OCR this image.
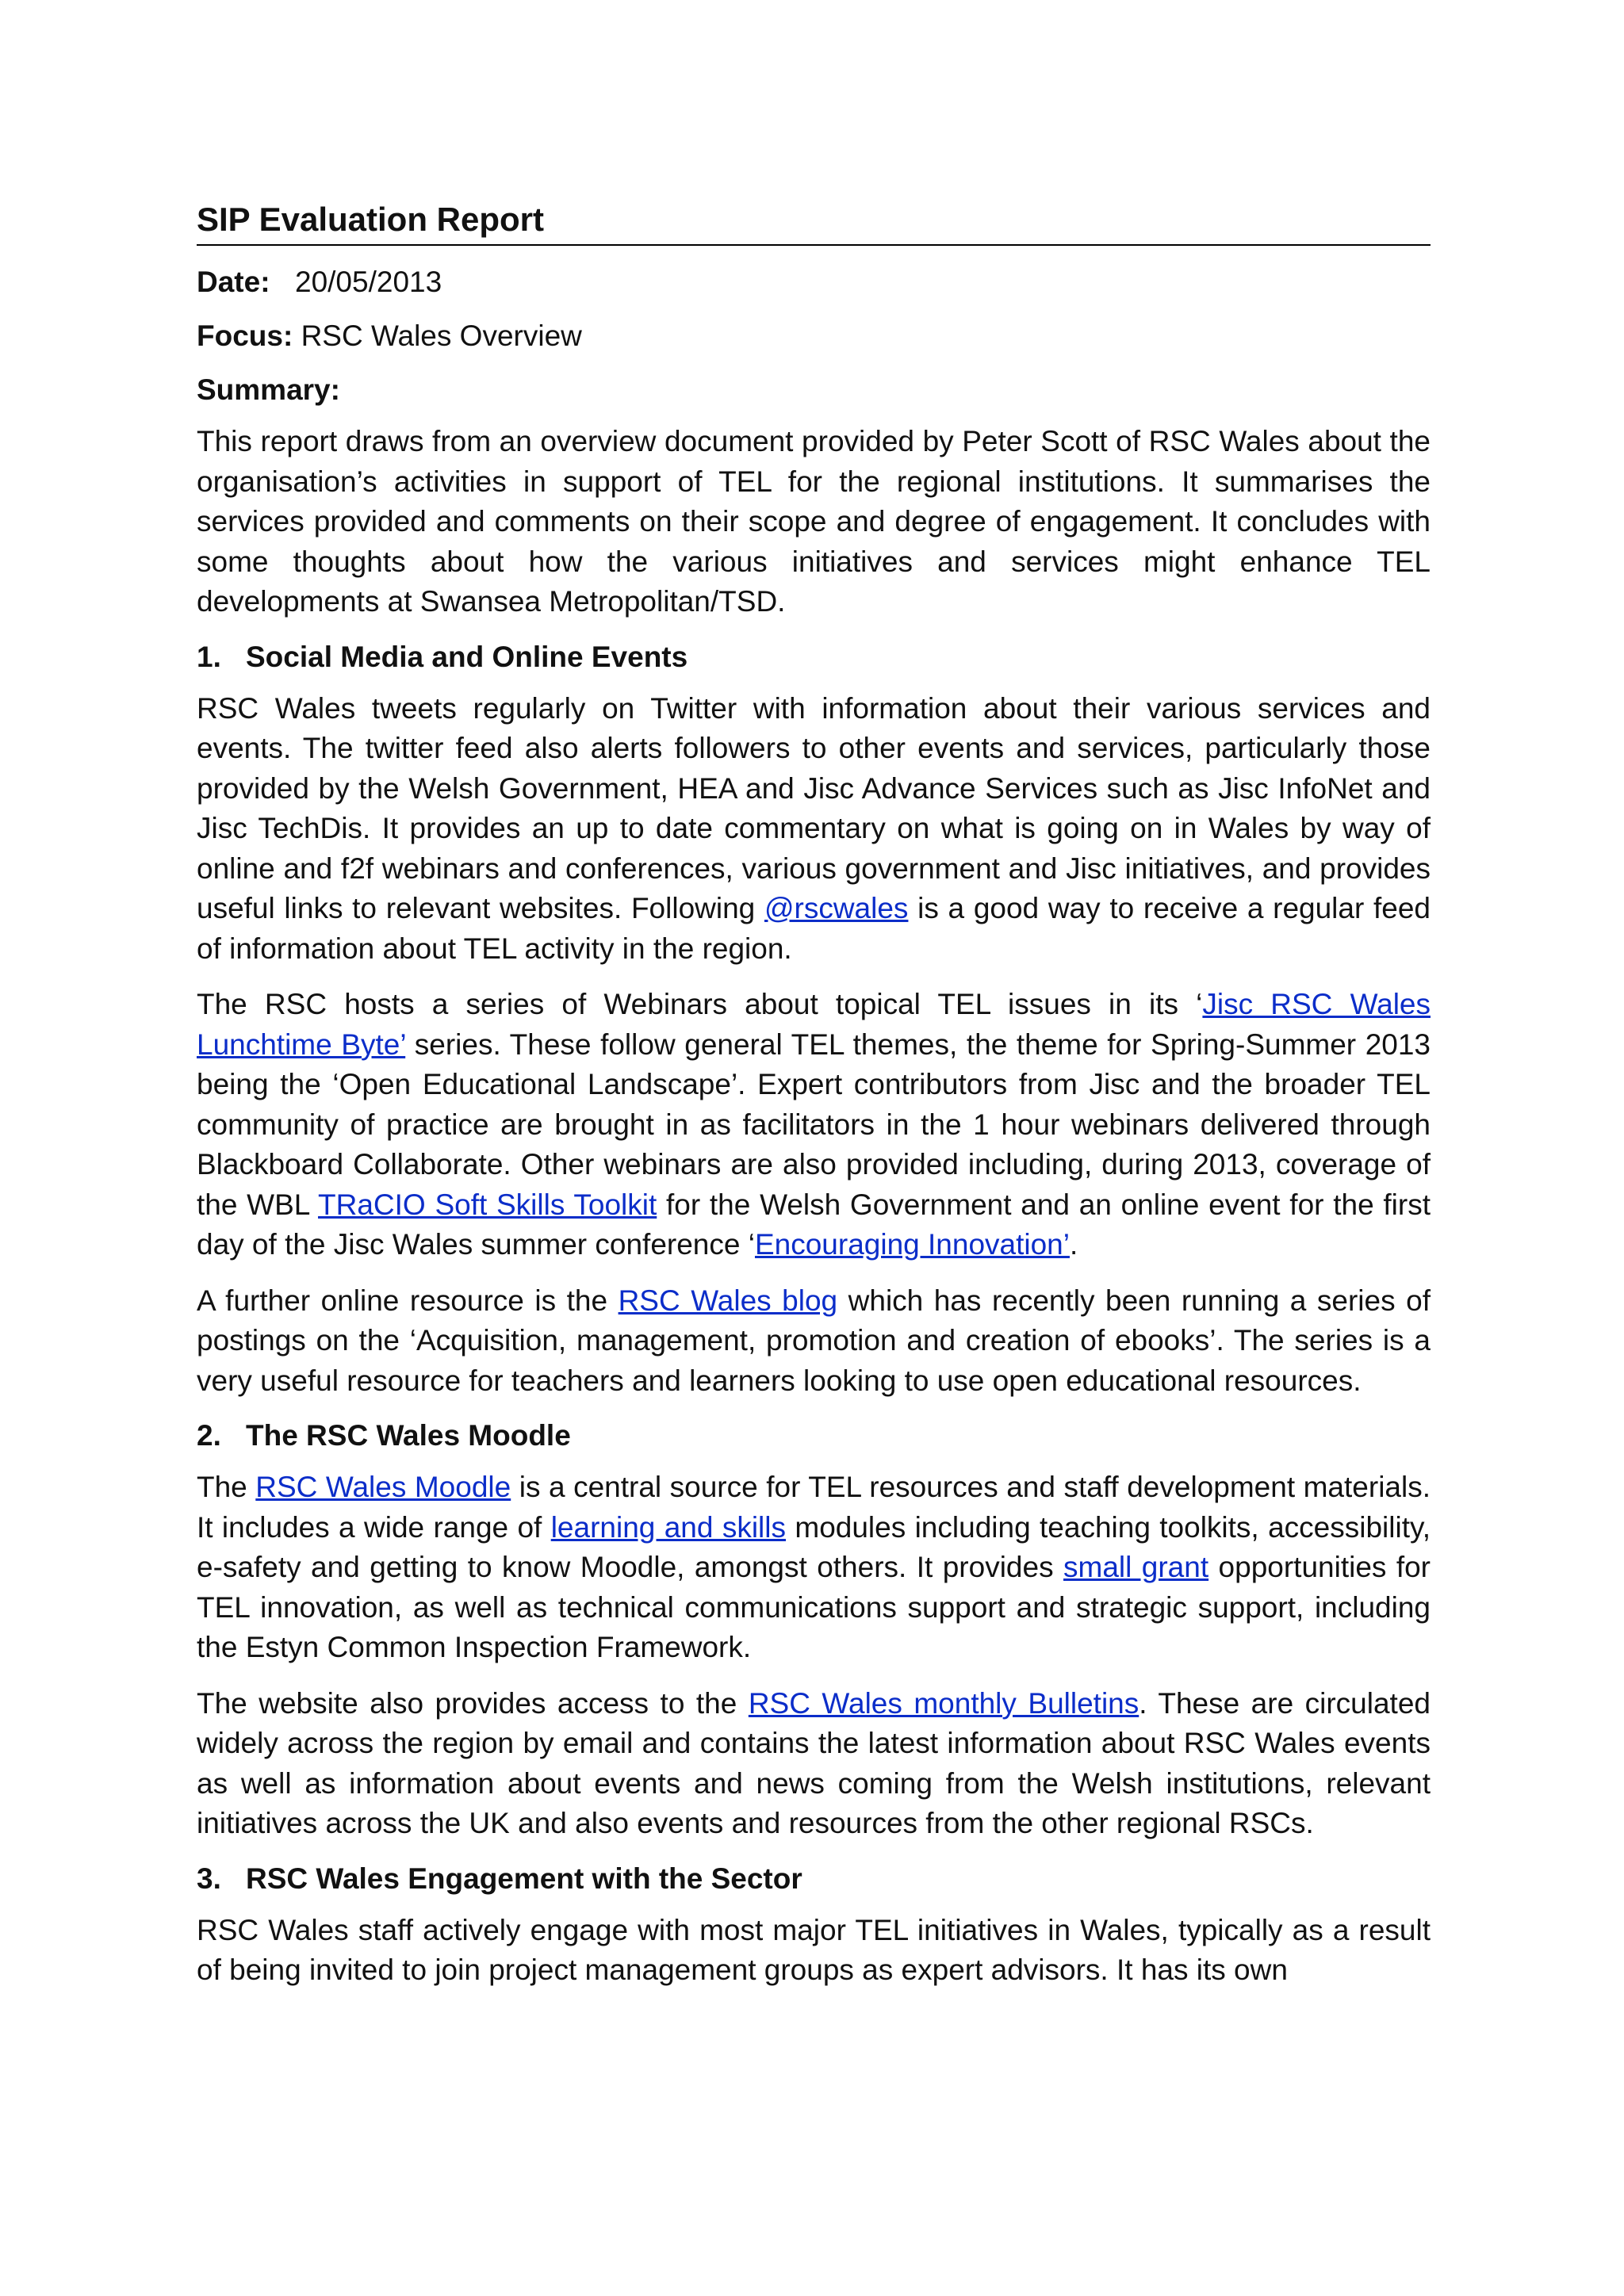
SIP Evaluation Report

Date: 20/05/2013

Focus: RSC Wales Overview

Summary:

This report draws from an overview document provided by Peter Scott of RSC Wales about the organisation’s activities in support of TEL for the regional institutions. It summarises the services provided and comments on their scope and degree of engagement. It concludes with some thoughts about how the various initiatives and services might enhance TEL developments at Swansea Metropolitan/TSD.

1. Social Media and Online Events

RSC Wales tweets regularly on Twitter with information about their various services and events. The twitter feed also alerts followers to other events and services, particularly those provided by the Welsh Government, HEA and Jisc Advance Services such as Jisc InfoNet and Jisc TechDis. It provides an up to date commentary on what is going on in Wales by way of online and f2f webinars and conferences, various government and Jisc initiatives, and provides useful links to relevant websites. Following @rscwales is a good way to receive a regular feed of information about TEL activity in the region.

The RSC hosts a series of Webinars about topical TEL issues in its ‘Jisc RSC Wales Lunchtime Byte’ series. These follow general TEL themes, the theme for Spring-Summer 2013 being the ‘Open Educational Landscape’. Expert contributors from Jisc and the broader TEL community of practice are brought in as facilitators in the 1 hour webinars delivered through Blackboard Collaborate. Other webinars are also provided including, during 2013, coverage of the WBL TRaCIO Soft Skills Toolkit for the Welsh Government and an online event for the first day of the Jisc Wales summer conference ‘Encouraging Innovation’.

A further online resource is the RSC Wales blog which has recently been running a series of postings on the ‘Acquisition, management, promotion and creation of ebooks’. The series is a very useful resource for teachers and learners looking to use open educational resources.

2. The RSC Wales Moodle

The RSC Wales Moodle is a central source for TEL resources and staff development materials. It includes a wide range of learning and skills modules including teaching toolkits, accessibility, e-safety and getting to know Moodle, amongst others. It provides small grant opportunities for TEL innovation, as well as technical communications support and strategic support, including the Estyn Common Inspection Framework.

The website also provides access to the RSC Wales monthly Bulletins. These are circulated widely across the region by email and contains the latest information about RSC Wales events as well as information about events and news coming from the Welsh institutions, relevant initiatives across the UK and also events and resources from the other regional RSCs.

3. RSC Wales Engagement with the Sector

RSC Wales staff actively engage with most major TEL initiatives in Wales, typically as a result of being invited to join project management groups as expert advisors. It has its own
